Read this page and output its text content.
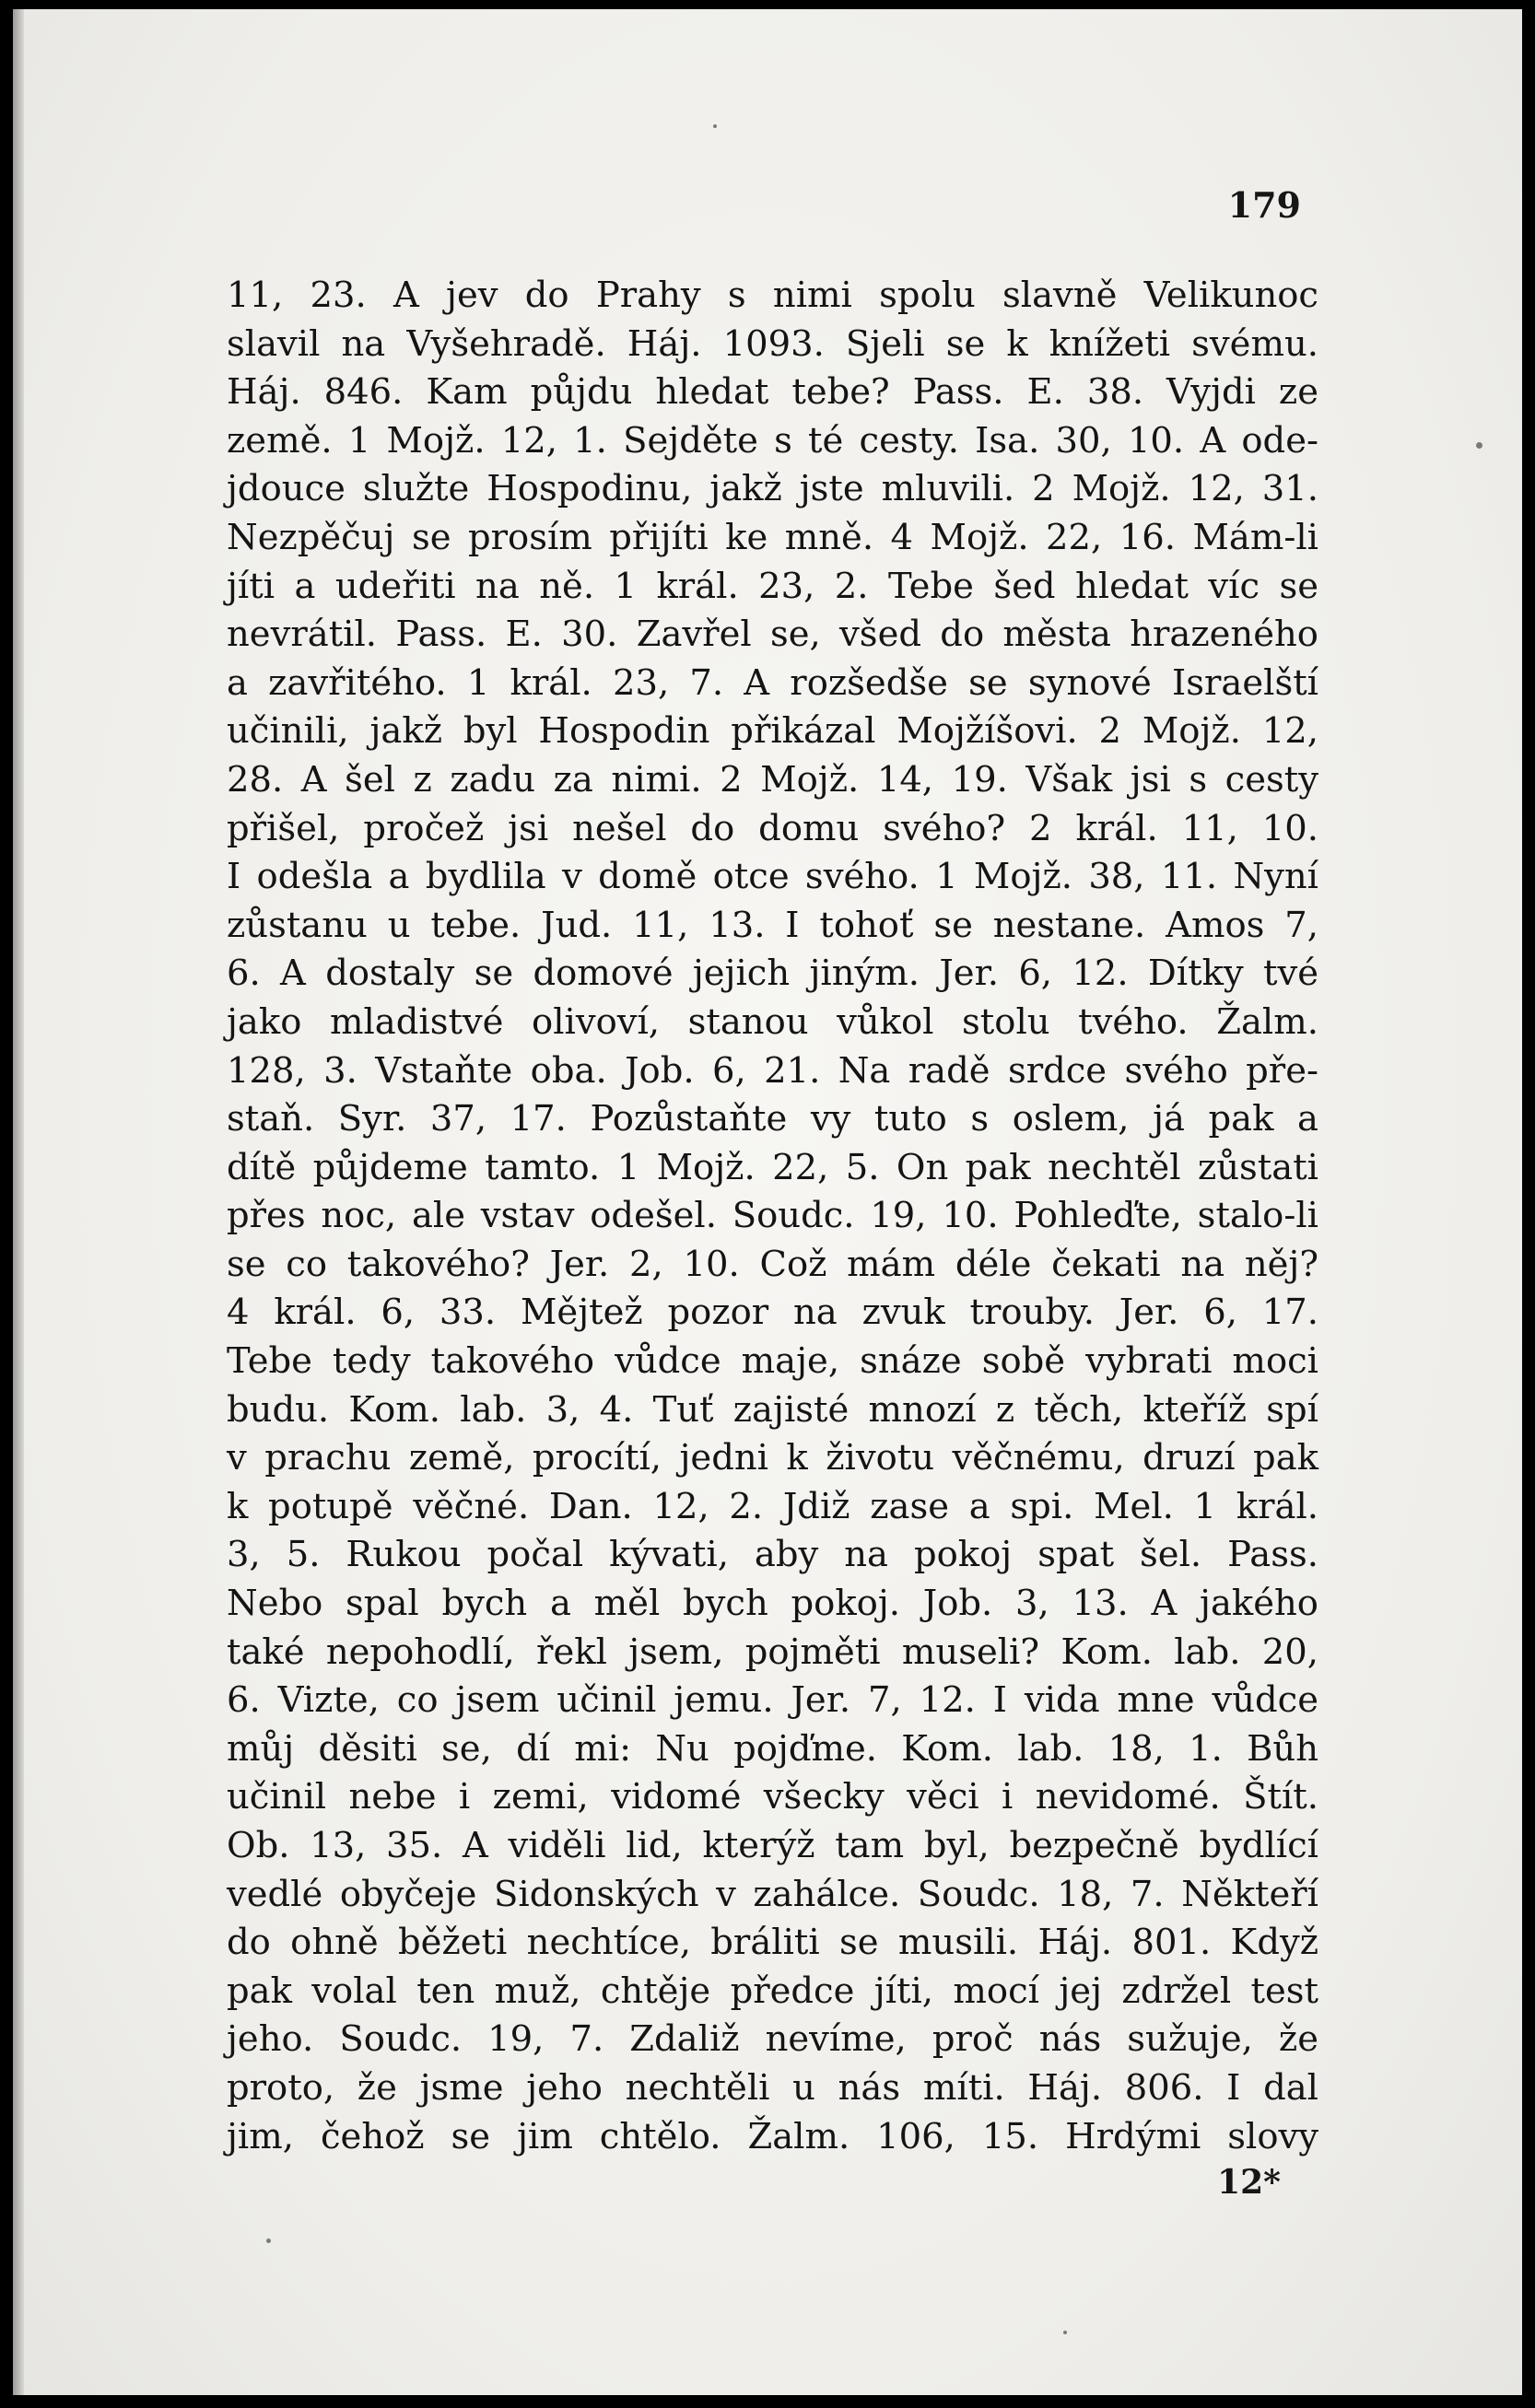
179

11, 23. A jev do Prahy s nimi spolu slavně Velikunoc
slavil na Vyšehradě. Háj. 1093. Sjeli se k knížeti svému.
Háj. 846. Kam půjdu hledat tebe? Pass. E. 38. Vyjdi ze
země. 1 Mojž. 12, 1. Sejděte s té cesty. Isa. 30, 10. A ode-
jdouce služte Hospodinu, jakž jste mluvili. 2 Mojž. 12, 31.
Nezpěčuj se prosím přijíti ke mně. 4 Mojž. 22, 16. Mám-li
jíti a udeřiti na ně. 1 král. 23, 2. Tebe šed hledat víc se
nevrátil. Pass. E. 30. Zavřel se, všed do města hrazeného
a zavřitého. 1 král. 23, 7. A rozšedše se synové Israelští
učinili, jakž byl Hospodin přikázal Mojžíšovi. 2 Mojž. 12,
28. A šel z zadu za nimi. 2 Mojž. 14, 19. Však jsi s cesty
přišel, pročež jsi nešel do domu svého? 2 král. 11, 10.
I odešla a bydlila v domě otce svého. 1 Mojž. 38, 11. Nyní
zůstanu u tebe. Jud. 11, 13. I tohoť se nestane. Amos 7,
6. A dostaly se domové jejich jiným. Jer. 6, 12. Dítky tvé
jako mladistvé olivoví, stanou vůkol stolu tvého. Žalm.
128, 3. Vstaňte oba. Job. 6, 21. Na radě srdce svého pře-
staň. Syr. 37, 17. Pozůstaňte vy tuto s oslem, já pak a
dítě půjdeme tamto. 1 Mojž. 22, 5. On pak nechtěl zůstati
přes noc, ale vstav odešel. Soudc. 19, 10. Pohleďte, stalo-li
se co takového? Jer. 2, 10. Což mám déle čekati na něj?
4 král. 6, 33. Mějtež pozor na zvuk trouby. Jer. 6, 17.
Tebe tedy takového vůdce maje, snáze sobě vybrati moci
budu. Kom. lab. 3, 4. Tuť zajisté mnozí z těch, kteříž spí
v prachu země, procítí, jedni k životu věčnému, druzí pak
k potupě věčné. Dan. 12, 2. Jdiž zase a spi. Mel. 1 král.
3, 5. Rukou počal kývati, aby na pokoj spat šel. Pass.
Nebo spal bych a měl bych pokoj. Job. 3, 13. A jakého
také nepohodlí, řekl jsem, pojměti museli? Kom. lab. 20,
6. Vizte, co jsem učinil jemu. Jer. 7, 12. I vida mne vůdce
můj děsiti se, dí mi: Nu pojďme. Kom. lab. 18, 1. Bůh
učinil nebe i zemi, vidomé všecky věci i nevidomé. Štít.
Ob. 13, 35. A viděli lid, kterýž tam byl, bezpečně bydlící
vedlé obyčeje Sidonských v zahálce. Soudc. 18, 7. Někteří
do ohně běžeti nechtíce, bráliti se musili. Háj. 801. Když
pak volal ten muž, chtěje předce jíti, mocí jej zdržel test
jeho. Soudc. 19, 7. Zdaliž nevíme, proč nás sužuje, že
proto, že jsme jeho nechtěli u nás míti. Háj. 806. I dal
jim, čehož se jim chtělo. Žalm. 106, 15. Hrdými slovy
12*
